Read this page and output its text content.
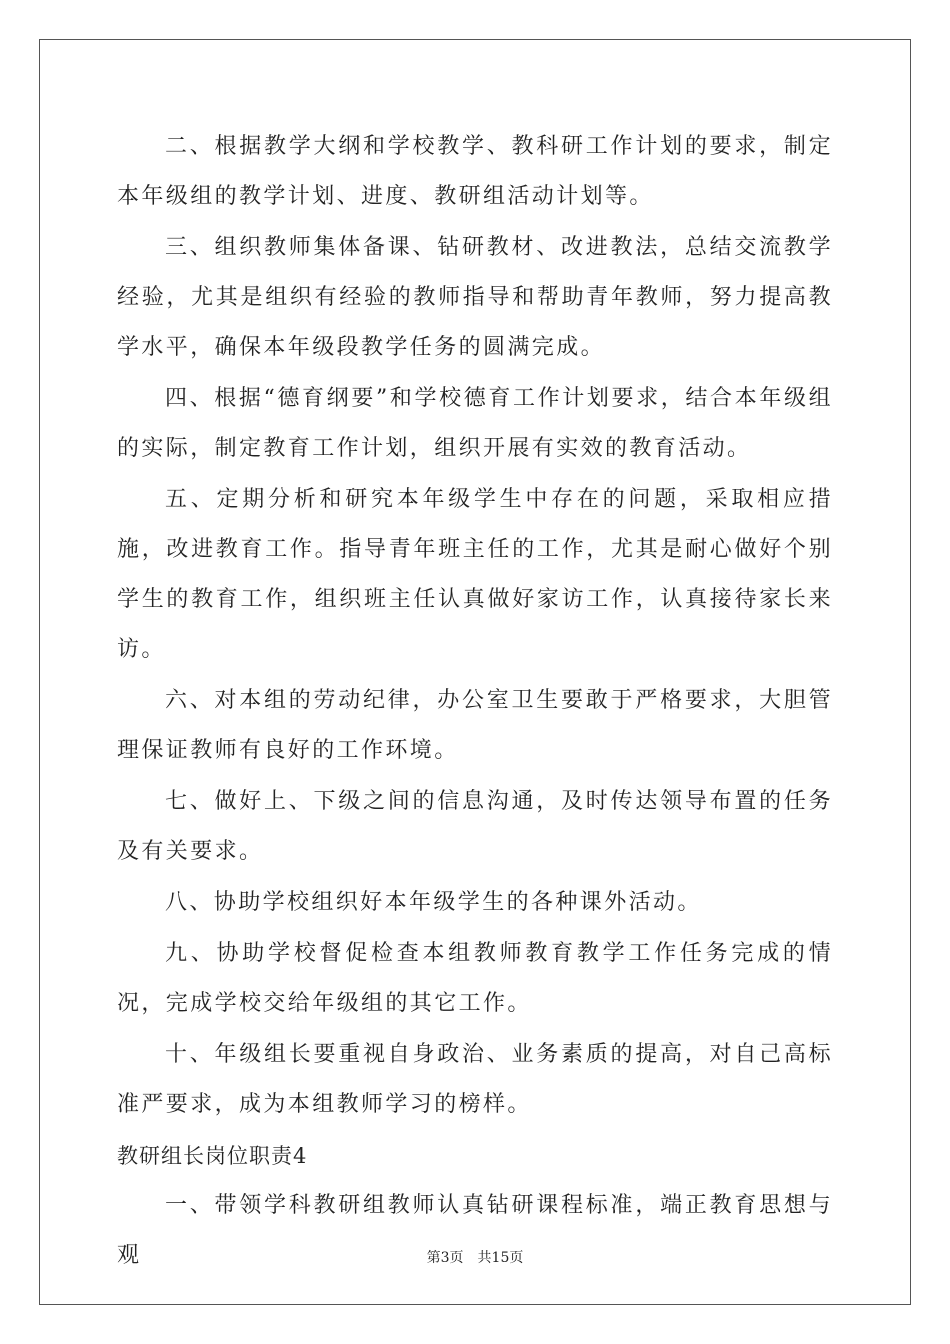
二、根据教学大纲和学校教学、教科研工作计划的要求，制定本年级组的教学计划、进度、教研组活动计划等。

三、组织教师集体备课、钻研教材、改进教法，总结交流教学经验，尤其是组织有经验的教师指导和帮助青年教师，努力提高教学水平，确保本年级段教学任务的圆满完成。

四、根据“德育纲要”和学校德育工作计划要求，结合本年级组的实际，制定教育工作计划，组织开展有实效的教育活动。

五、定期分析和研究本年级学生中存在的问题，采取相应措施，改进教育工作。指导青年班主任的工作，尤其是耐心做好个别学生的教育工作，组织班主任认真做好家访工作，认真接待家长来访。

六、对本组的劳动纪律，办公室卫生要敢于严格要求，大胆管理保证教师有良好的工作环境。

七、做好上、下级之间的信息沟通，及时传达领导布置的任务及有关要求。

八、协助学校组织好本年级学生的各种课外活动。

九、协助学校督促检查本组教师教育教学工作任务完成的情况，完成学校交给年级组的其它工作。

十、年级组长要重视自身政治、业务素质的提高，对自己高标准严要求，成为本组教师学习的榜样。

教研组长岗位职责4

一、带领学科教研组教师认真钻研课程标准，端正教育思想与观	第3页 共15页
